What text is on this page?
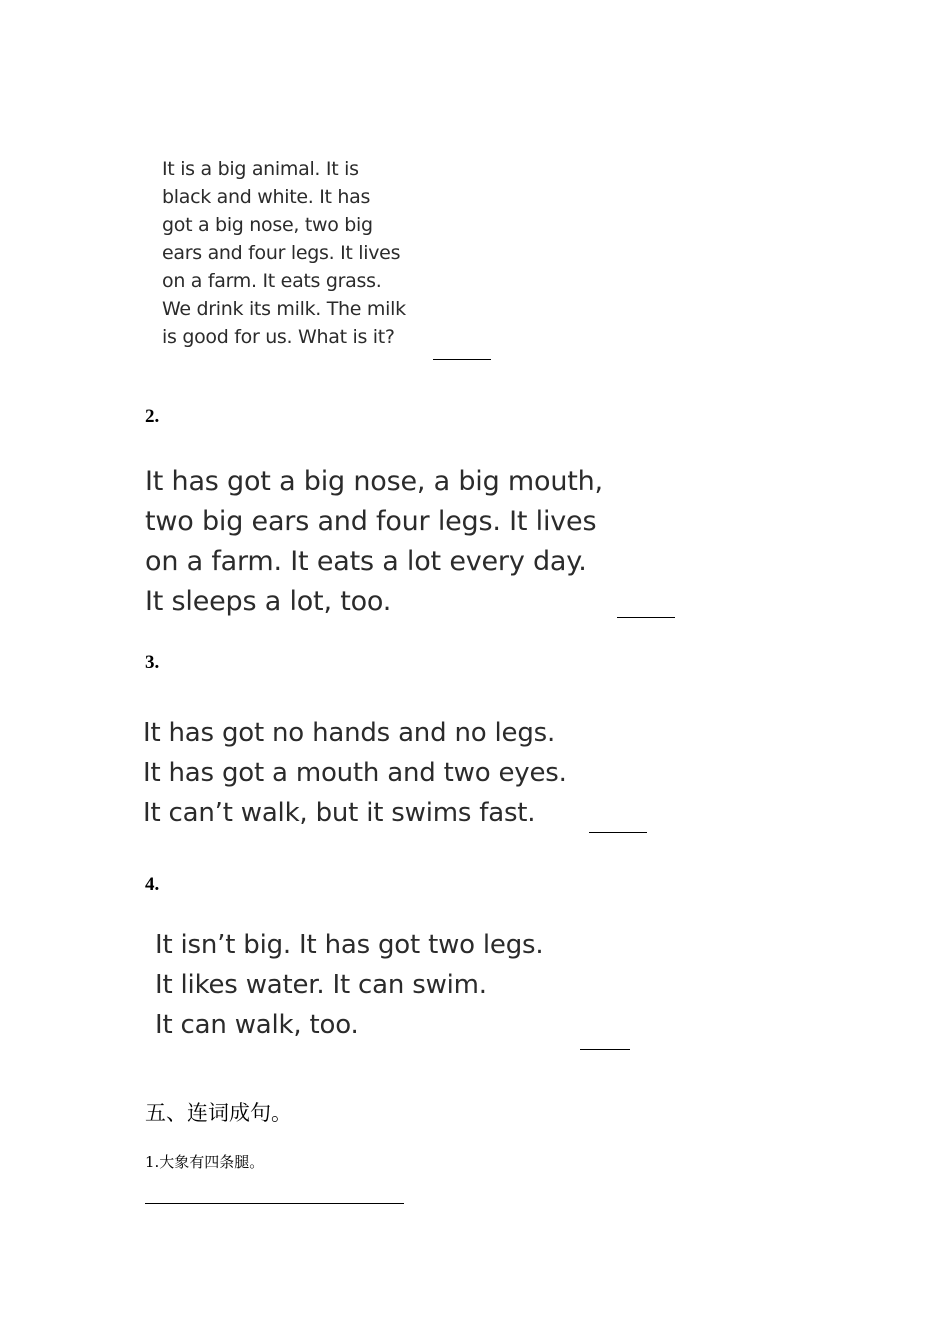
It is a big animal. It is
black and white. It has
got a big nose, two big
ears and four legs. It lives
on a farm. It eats grass.
We drink its milk. The milk
is good for us. What is it?
2.
It has got a big nose, a big mouth,
two big ears and four legs. It lives
on a farm. It eats a lot every day.
It sleeps a lot, too.
3.
It has got no hands and no legs.
It has got a mouth and two eyes.
It can’t walk, but it swims fast.
4.
It isn’t big. It has got two legs.
It likes water. It can swim.
It can walk, too.
五、连词成句。
1.大象有四条腿。
